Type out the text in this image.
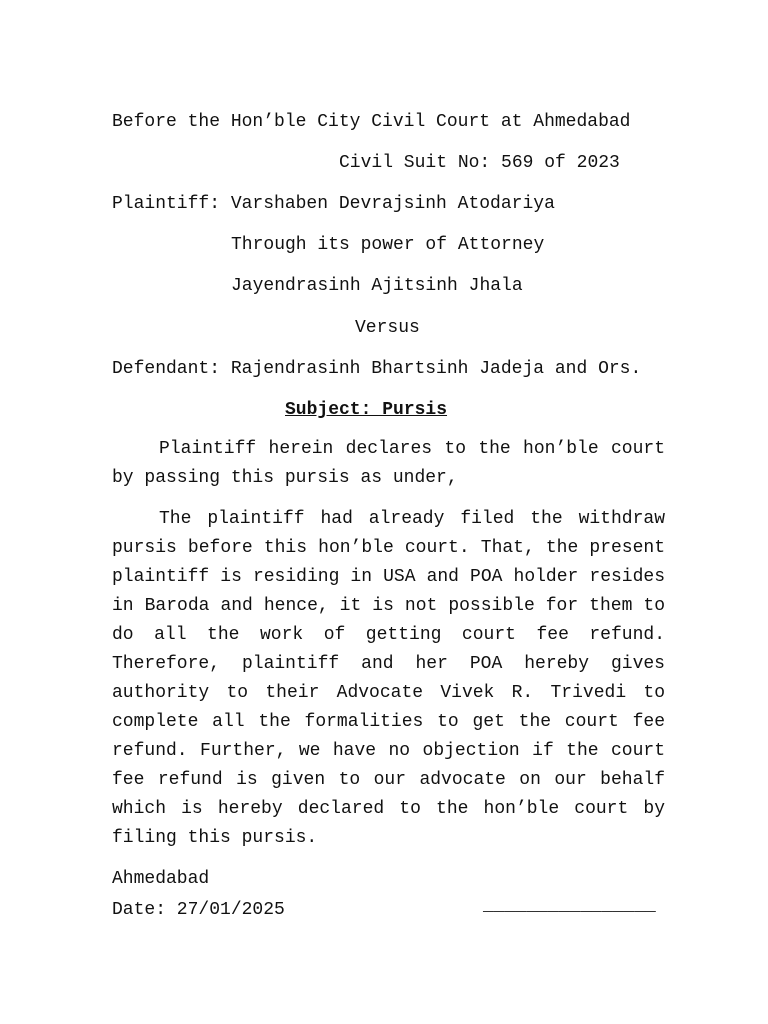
Before the Hon’ble City Civil Court at Ahmedabad
Civil Suit No: 569 of 2023
Plaintiff: Varshaben Devrajsinh Atodariya
Through its power of Attorney
Jayendrasinh Ajitsinh Jhala
Versus
Defendant: Rajendrasinh Bhartsinh Jadeja and Ors.
Subject: Pursis

Plaintiff herein declares to the hon’ble court by passing this pursis as under,

The plaintiff had already filed the withdraw pursis before this hon’ble court. That, the present plaintiff is residing in USA and POA holder resides in Baroda and hence, it is not possible for them to do all the work of getting court fee refund. Therefore, plaintiff and her POA hereby gives authority to their Advocate Vivek R. Trivedi to complete all the formalities to get the court fee refund. Further, we have no objection if the court fee refund is given to our advocate on our behalf which is hereby declared to the hon’ble court by filing this pursis.

Ahmedabad
Date: 27/01/2025	________________
